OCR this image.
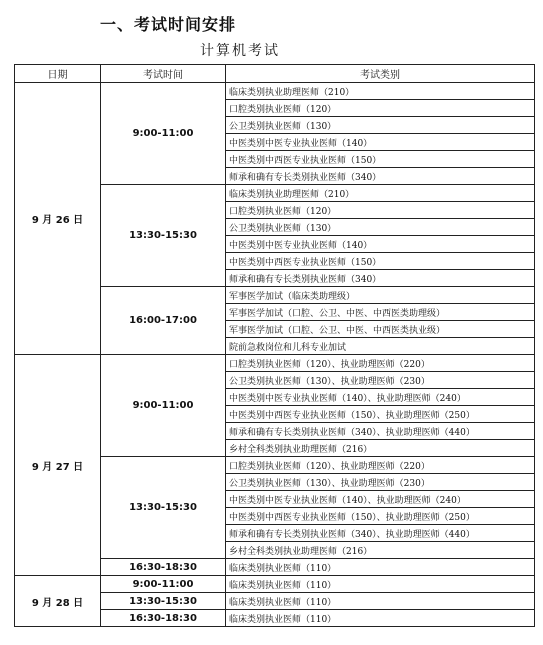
一、考试时间安排
计算机考试
日期	考试时间	考试类别
9 月 26 日	9:00-11:00	临床类别执业助理医师（210）
		口腔类别执业医师（120）
		公卫类别执业医师（130）
		中医类别中医专业执业医师（140）
		中医类别中西医专业执业医师（150）
		师承和确有专长类别执业医师（340）
	13:30-15:30	临床类别执业助理医师（210）
		口腔类别执业医师（120）
		公卫类别执业医师（130）
		中医类别中医专业执业医师（140）
		中医类别中西医专业执业医师（150）
		师承和确有专长类别执业医师（340）
	16:00-17:00	军事医学加试（临床类助理级）
		军事医学加试（口腔、公卫、中医、中西医类助理级）
		军事医学加试（口腔、公卫、中医、中西医类执业级）
		院前急救岗位和儿科专业加试
9 月 27 日	9:00-11:00	口腔类别执业医师（120）、执业助理医师（220）
		公卫类别执业医师（130）、执业助理医师（230）
		中医类别中医专业执业医师（140）、执业助理医师（240）
		中医类别中西医专业执业医师（150）、执业助理医师（250）
		师承和确有专长类别执业医师（340）、执业助理医师（440）
		乡村全科类别执业助理医师（216）
	13:30-15:30	口腔类别执业医师（120）、执业助理医师（220）
		公卫类别执业医师（130）、执业助理医师（230）
		中医类别中医专业执业医师（140）、执业助理医师（240）
		中医类别中西医专业执业医师（150）、执业助理医师（250）
		师承和确有专长类别执业医师（340）、执业助理医师（440）
		乡村全科类别执业助理医师（216）
	16:30-18:30	临床类别执业医师（110）
9 月 28 日	9:00-11:00	临床类别执业医师（110）
	13:30-15:30	临床类别执业医师（110）
	16:30-18:30	临床类别执业医师（110）
